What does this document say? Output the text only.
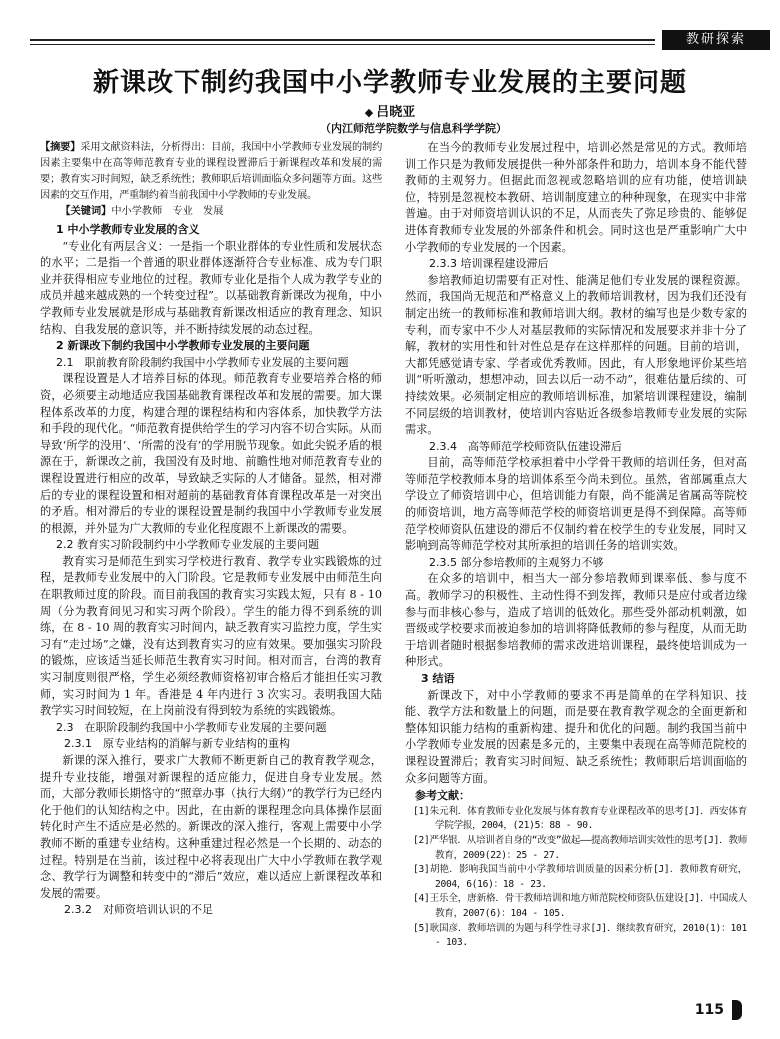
教研探索
新课改下制约我国中小学教师专业发展的主要问题
◆ 吕晓亚
（内江师范学院数学与信息科学学院）

【摘要】采用文献资料法，分析得出：目前，我国中小学教师专业发展的制约因素主要集中在高等师范教育专业的课程设置滞后于新课程改革和发展的需要；教育实习时间短，缺乏系统性；教师职后培训面临众多问题等方面。这些因素的交互作用，严重制约着当前我国中小学教师的专业发展。

【关键词】中小学教师　专业　发展

1 中小学教师专业发展的含义

“专业化有两层含义：一是指一个职业群体的专业性质和发展状态的水平；二是指一个普通的职业群体逐渐符合专业标准、成为专门职业并获得相应专业地位的过程。教师专业化是指个人成为教学专业的成员并越来越成熟的一个转变过程”。以基础教育新课改为视角，中小学教师专业发展就是形成与基础教育新课改相适应的教育理念、知识结构、自我发展的意识等，并不断持续发展的动态过程。

2 新课改下制约我国中小学教师专业发展的主要问题
2.1　职前教育阶段制约我国中小学教师专业发展的主要问题

课程设置是人才培养目标的体现。师范教育专业要培养合格的师资，必须要主动地适应我国基础教育课程改革和发展的需要。加大课程体系改革的力度，构建合理的课程结构和内容体系，加快教学方法和手段的现代化。“师范教育提供给学生的学习内容不切合实际。从而导致‘所学的没用’、‘所需的没有’的学用脱节现象。如此尖锐矛盾的根源在于，新课改之前，我国没有及时地、前瞻性地对师范教育专业的课程设置进行相应的改革，导致缺乏实际的人才储备。显然，相对滞后的专业的课程设置和相对超前的基础教育体育课程改革是一对突出的矛盾。相对滞后的专业的课程设置是制约我国中小学教师专业发展的根源，并外显为广大教师的专业化程度跟不上新课改的需要。

2.2 教育实习阶段制约中小学教师专业发展的主要问题

教育实习是师范生到实习学校进行教育、教学专业实践锻炼的过程，是教师专业发展中的入门阶段。它是教师专业发展中由师范生向在职教师过度的阶段。而目前我国的教育实习实践太短，只有 8 - 10 周（分为教育间见习和实习两个阶段）。学生的能力得不到系统的训练，在 8 - 10 周的教育实习时间内，缺乏教育实习监控力度，学生实习有“走过场”之嫌，没有达到教育实习的应有效果。要加强实习阶段的锻炼，应该适当延长师范生教育实习时间。相对而言，台湾的教育实习制度则很严格，学生必须经教师资格初审合格后才能担任实习教师，实习时间为 1 年。香港是 4 年内进行 3 次实习。表明我国大陆教学实习时间较短，在上岗前没有得到较为系统的实践锻炼。

2.3　在职阶段制约我国中小学教师专业发展的主要问题
2.3.1　原专业结构的消解与新专业结构的重构

新课的深入推行，要求广大教师不断更新自己的教育教学观念，提升专业技能，增强对新课程的适应能力，促进自身专业发展。然而，大部分教师长期恪守的“照章办事（执行大纲）”的教学行为已经内化于他们的认知结构之中。因此，在由新的课程理念向具体操作层面转化时产生不适应是必然的。新课改的深入推行，客观上需要中小学教师不断的重建专业结构。这种重建过程必然是一个长期的、动态的过程。特别是在当前，该过程中必将表现出广大中小学教师在教学观念、教学行为调整和转变中的“滞后”效应，难以适应上新课程改革和发展的需要。

2.3.2　对师资培训认识的不足

在当今的教师专业发展过程中，培训必然是常见的方式。教师培训工作只是为教师发展提供一种外部条件和助力，培训本身不能代替教师的主观努力。但据此而忽视或忽略培训的应有功能，使培训缺位，特别是忽视校本教研、培训制度建立的种种现象，在现实中非常普遍。由于对师资培训认识的不足，从而丧失了弥足珍贵的、能够促进体育教师专业发展的外部条件和机会。同时这也是严重影响广大中小学教师的专业发展的一个因素。

2.3.3 培训课程建设滞后

参培教师迫切需要有正对性、能满足他们专业发展的课程资源。然而，我国尚无规范和严格意义上的教师培训教材，因为我们还没有制定出统一的教师标准和教师培训大纲。教材的编写也是少数专家的专利，而专家中不少人对基层教师的实际情况和发展要求并非十分了解，教材的实用性和针对性总是存在这样那样的问题。目前的培训，大都凭感觉请专家、学者或优秀教师。因此，有人形象地评价某些培训“听听激动，想想冲动，回去以后一动不动”，很难估量后续的、可持续效果。必须制定相应的教师培训标准，加紧培训课程建设，编制不同层级的培训教材，使培训内容贴近各级参培教师专业发展的实际需求。

2.3.4　高等师范学校师资队伍建设滞后

目前，高等师范学校承担着中小学骨干教师的培训任务，但对高等师范学校教师本身的培训体系至今尚未到位。虽然，省部属重点大学设立了师资培训中心，但培训能力有限，尚不能满足省属高等院校的师资培训，地方高等师范学校的师资培训更是得不到保障。高等师范学校师资队伍建设的滞后不仅制约着在校学生的专业发展，同时又影响到高等师范学校对其所承担的培训任务的培训实效。

2.3.5 部分参培教师的主观努力不够

在众多的培训中，相当大一部分参培教师到课率低、参与度不高。教师学习的积极性、主动性得不到发挥，教师只是应付或者边缘参与而非核心参与，造成了培训的低效化。那些受外部动机刺激，如晋级或学校要求而被迫参加的培训将降低教师的参与程度，从而无助于培训者随时根据参培教师的需求改进培训课程，最终使培训成为一种形式。

3 结语

新课改下，对中小学教师的要求不再是简单的在学科知识、技能、教学方法和数量上的问题，而是要在教育教学观念的全面更新和整体知识能力结构的重新构建、提升和优化的问题。制约我国当前中小学教师专业发展的因素是多元的，主要集中表现在高等师范院校的课程设置滞后；教育实习时间短、缺乏系统性；教师职后培训面临的众多问题等方面。

参考文献：
[1]朱元利．体育教师专业化发展与体育教育专业课程改革的思考[J]．西安体育学院学报，2004，(21)5：88 - 90.
[2]严华银．从培训者自身的“改变”做起——提高教师培训实效性的思考[J]．教师教育，2009(22)：25 - 27.
[3]胡艳．影响我国当前中小学教师培训质量的因素分析[J]．教师教育研究，2004，6(16)：18 - 23.
[4]王乐全，唐新格．骨干教师培训和地方师范院校师资队伍建设[J]．中国成人教育，2007(6)：104 - 105.
[5]耿国彦．教师培训的为题与科学性寻求[J]．继续教育研究，2010(1)：101 - 103.
115
